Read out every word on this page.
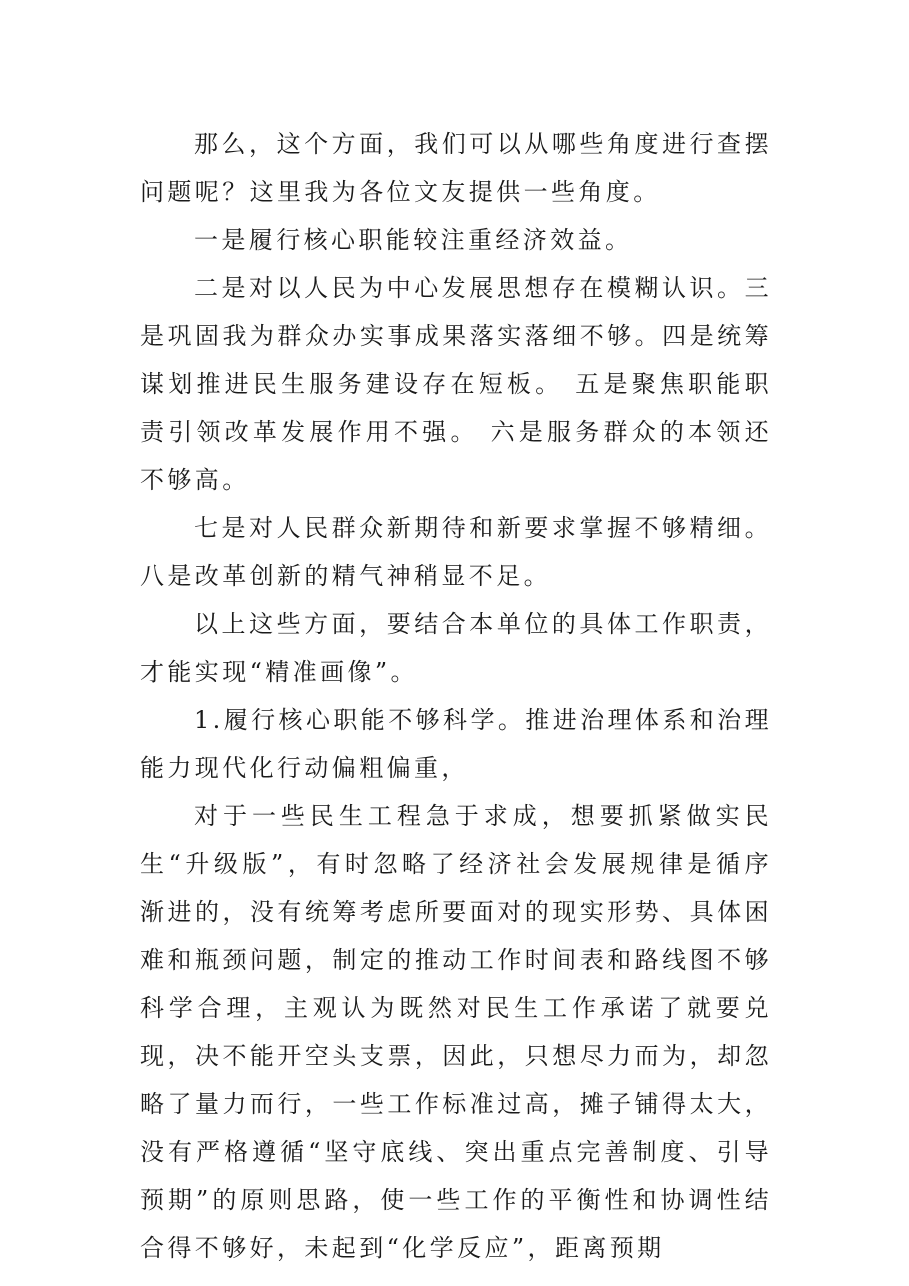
那么，这个方面，我们可以从哪些角度进行查摆问题呢？这里我为各位文友提供一些角度。

一是履行核心职能较注重经济效益。

二是对以人民为中心发展思想存在模糊认识。三是巩固我为群众办实事成果落实落细不够。四是统筹谋划推进民生服务建设存在短板。 五是聚焦职能职责引领改革发展作用不强。 六是服务群众的本领还不够高。

七是对人民群众新期待和新要求掌握不够精细。八是改革创新的精气神稍显不足。

以上这些方面，要结合本单位的具体工作职责，才能实现“精准画像”。

1.履行核心职能不够科学。推进治理体系和治理能力现代化行动偏粗偏重，

对于一些民生工程急于求成，想要抓紧做实民生“升级版”，有时忽略了经济社会发展规律是循序渐进的，没有统筹考虑所要面对的现实形势、具体困难和瓶颈问题，制定的推动工作时间表和路线图不够科学合理，主观认为既然对民生工作承诺了就要兑现，决不能开空头支票，因此，只想尽力而为，却忽略了量力而行，一些工作标准过高，摊子铺得太大，没有严格遵循“坚守底线、突出重点完善制度、引导预期”的原则思路，使一些工作的平衡性和协调性结合得不够好，未起到“化学反应”，距离预期
